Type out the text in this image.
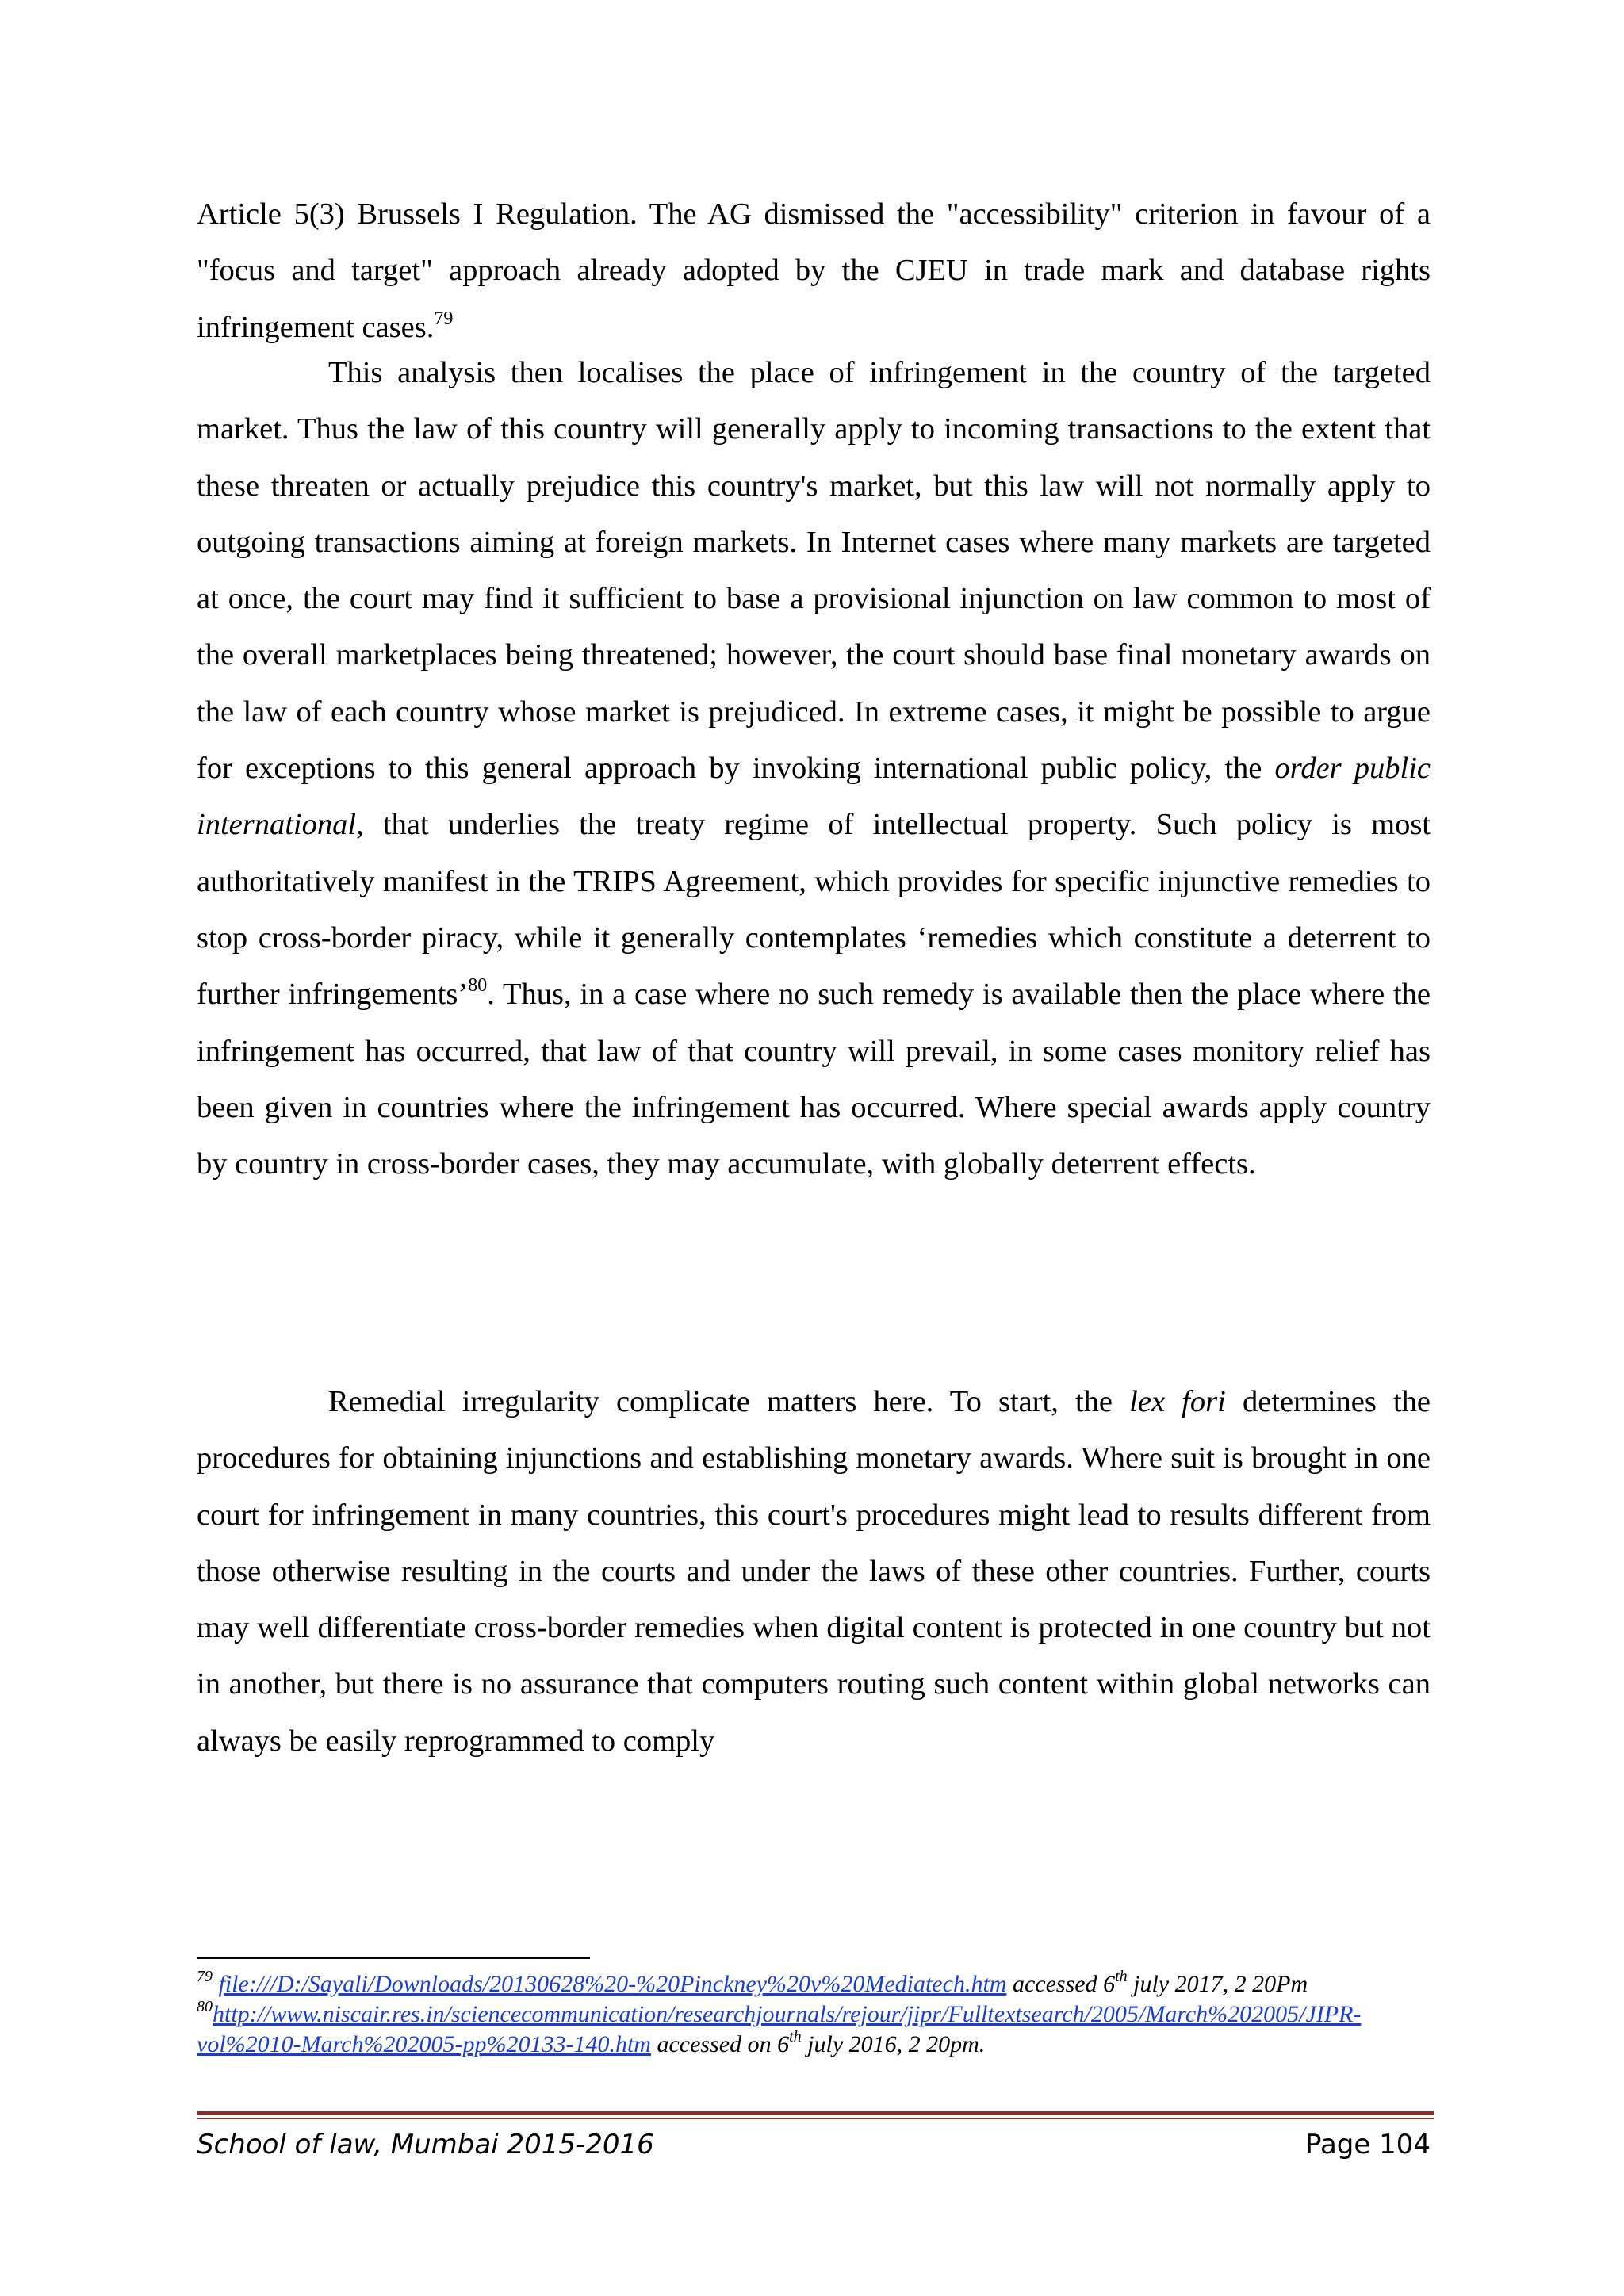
Article 5(3) Brussels I Regulation. The AG dismissed the "accessibility" criterion in favour of a "focus and target" approach already adopted by the CJEU in trade mark and database rights infringement cases.$^{79}$

This analysis then localises the place of infringement in the country of the targeted market. Thus the law of this country will generally apply to incoming transactions to the extent that these threaten or actually prejudice this country's market, but this law will not normally apply to outgoing transactions aiming at foreign markets. In Internet cases where many markets are targeted at once, the court may find it sufficient to base a provisional injunction on law common to most of the overall marketplaces being threatened; however, the court should base final monetary awards on the law of each country whose market is prejudiced. In extreme cases, it might be possible to argue for exceptions to this general approach by invoking international public policy, the order public international, that underlies the treaty regime of intellectual property. Such policy is most authoritatively manifest in the TRIPS Agreement, which provides for specific injunctive remedies to stop cross-border piracy, while it generally contemplates ‘remedies which constitute a deterrent to further infringements’$^{80}$. Thus, in a case where no such remedy is available then the place where the infringement has occurred, that law of that country will prevail, in some cases monitory relief has been given in countries where the infringement has occurred. Where special awards apply country by country in cross-border cases, they may accumulate, with globally deterrent effects.

Remedial irregularity complicate matters here. To start, the lex fori determines the procedures for obtaining injunctions and establishing monetary awards. Where suit is brought in one court for infringement in many countries, this court's procedures might lead to results different from those otherwise resulting in the courts and under the laws of these other countries. Further, courts may well differentiate cross-border remedies when digital content is protected in one country but not in another, but there is no assurance that computers routing such content within global networks can always be easily reprogrammed to comply

$^{79}$ file:///D:/Sayali/Downloads/20130628%20-%20Pinckney%20v%20Mediatech.htm accessed 6th july 2017, 2 20Pm

$^{80}$http://www.niscair.res.in/sciencecommunication/researchjournals/rejour/jipr/Fulltextsearch/2005/March%202005/JIPR-vol%2010-March%202005-pp%20133-140.htm accessed on 6th july 2016, 2 20pm.

School of law, Mumbai 2015-2016	Page 104
